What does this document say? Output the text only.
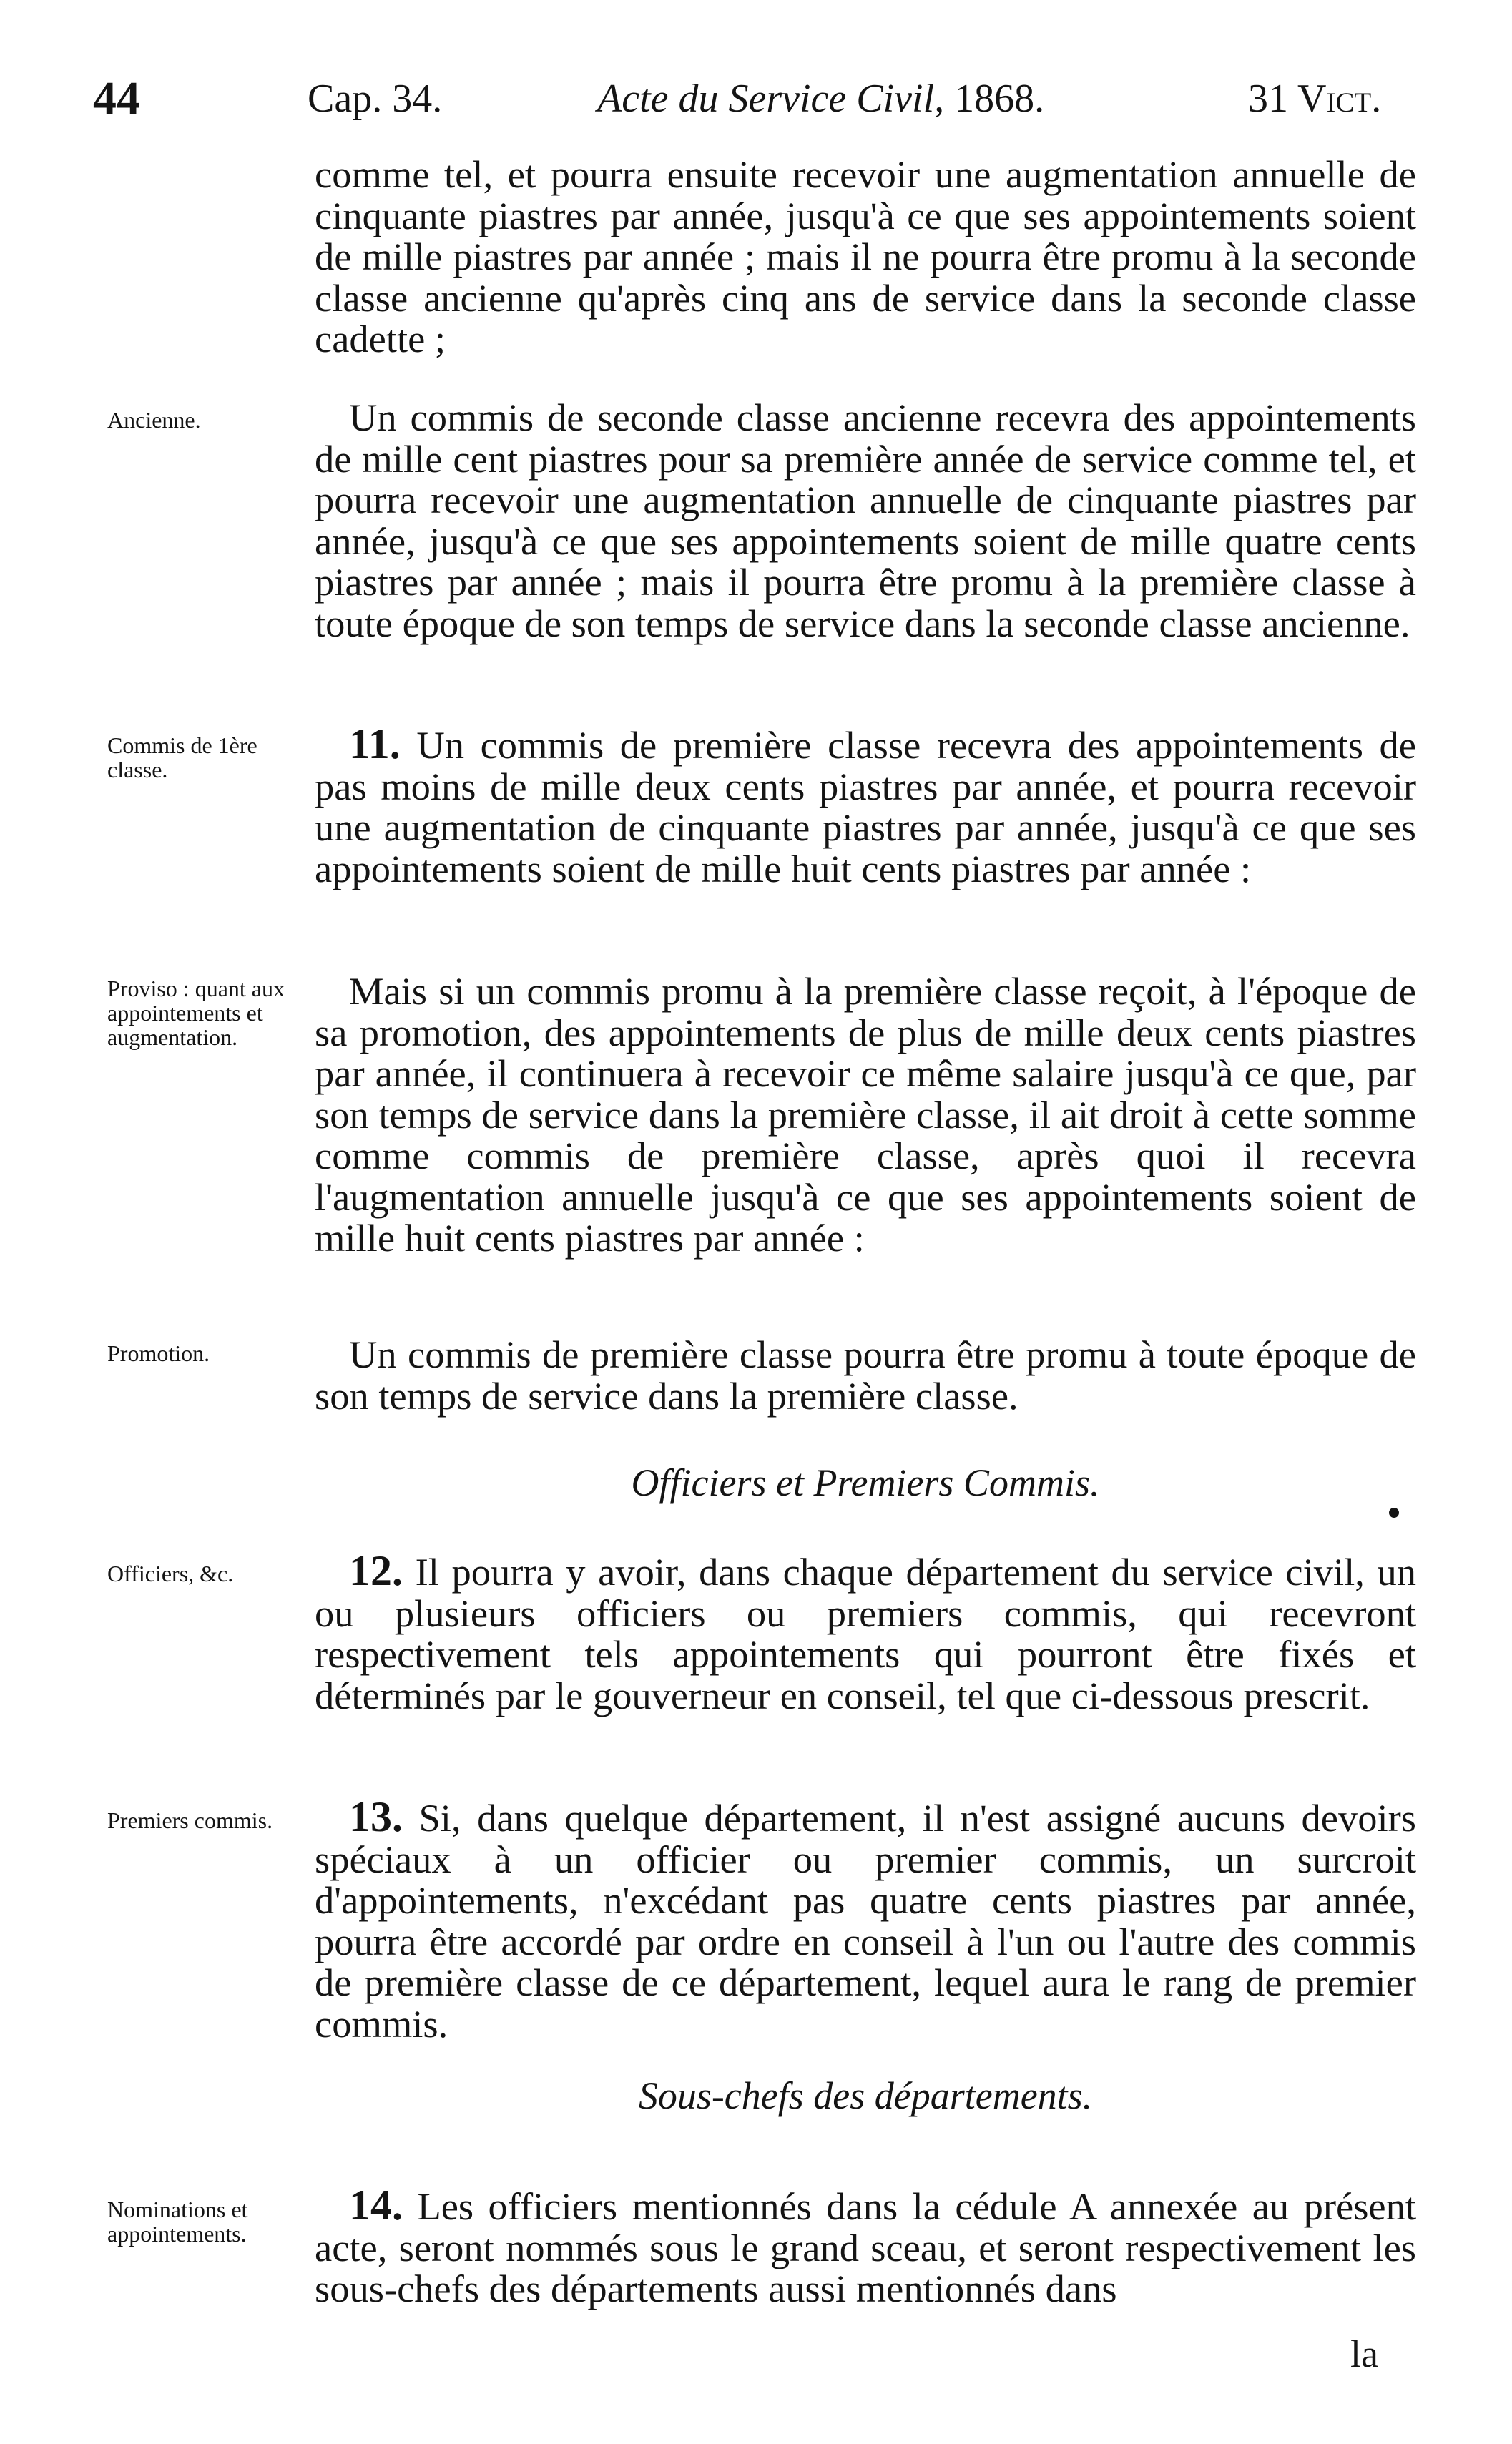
44	Cap. 34.	Acte du Service Civil, 1868.	31 Vict.

comme tel, et pourra ensuite recevoir une augmentation annuelle de cinquante piastres par année, jusqu'à ce que ses appointements soient de mille piastres par année ; mais il ne pourra être promu à la seconde classe ancienne qu'après cinq ans de service dans la seconde classe cadette ;

Ancienne.	Un commis de seconde classe ancienne recevra des appointements de mille cent piastres pour sa première année de service comme tel, et pourra recevoir une augmentation annuelle de cinquante piastres par année, jusqu'à ce que ses appointements soient de mille quatre cents piastres par année ; mais il pourra être promu à la première classe à toute époque de son temps de service dans la seconde classe ancienne.

Commis de 1ère classe.

11. Un commis de première classe recevra des appointements de pas moins de mille deux cents piastres par année, et pourra recevoir une augmentation de cinquante piastres par année, jusqu'à ce que ses appointements soient de mille huit cents piastres par année :

Proviso : quant aux appointements et augmentation.

Mais si un commis promu à la première classe reçoit, à l'époque de sa promotion, des appointements de plus de mille deux cents piastres par année, il continuera à recevoir ce même salaire jusqu'à ce que, par son temps de service dans la première classe, il ait droit à cette somme comme commis de première classe, après quoi il recevra l'augmentation annuelle jusqu'à ce que ses appointements soient de mille huit cents piastres par année :

Promotion.	Un commis de première classe pourra être promu à toute époque de son temps de service dans la première classe.

Officiers et Premiers Commis.
Officiers, &c.	12. Il pourra y avoir, dans chaque département du service civil, un ou plusieurs officiers ou premiers commis, qui recevront respectivement tels appointements qui pourront être fixés et déterminés par le gouverneur en conseil, tel que ci-dessous prescrit.

Premiers commis.	13. Si, dans quelque département, il n'est assigné aucuns devoirs spéciaux à un officier ou premier commis, un surcroit d'appointements, n'excédant pas quatre cents piastres par année, pourra être accordé par ordre en conseil à l'un ou l'autre des commis de première classe de ce département, lequel aura le rang de premier commis.

Sous-chefs des départements.
Nominations et appointements.

14. Les officiers mentionnés dans la cédule A annexée au présent acte, seront nommés sous le grand sceau, et seront respectivement les sous-chefs des départements aussi mentionnés dans

la
